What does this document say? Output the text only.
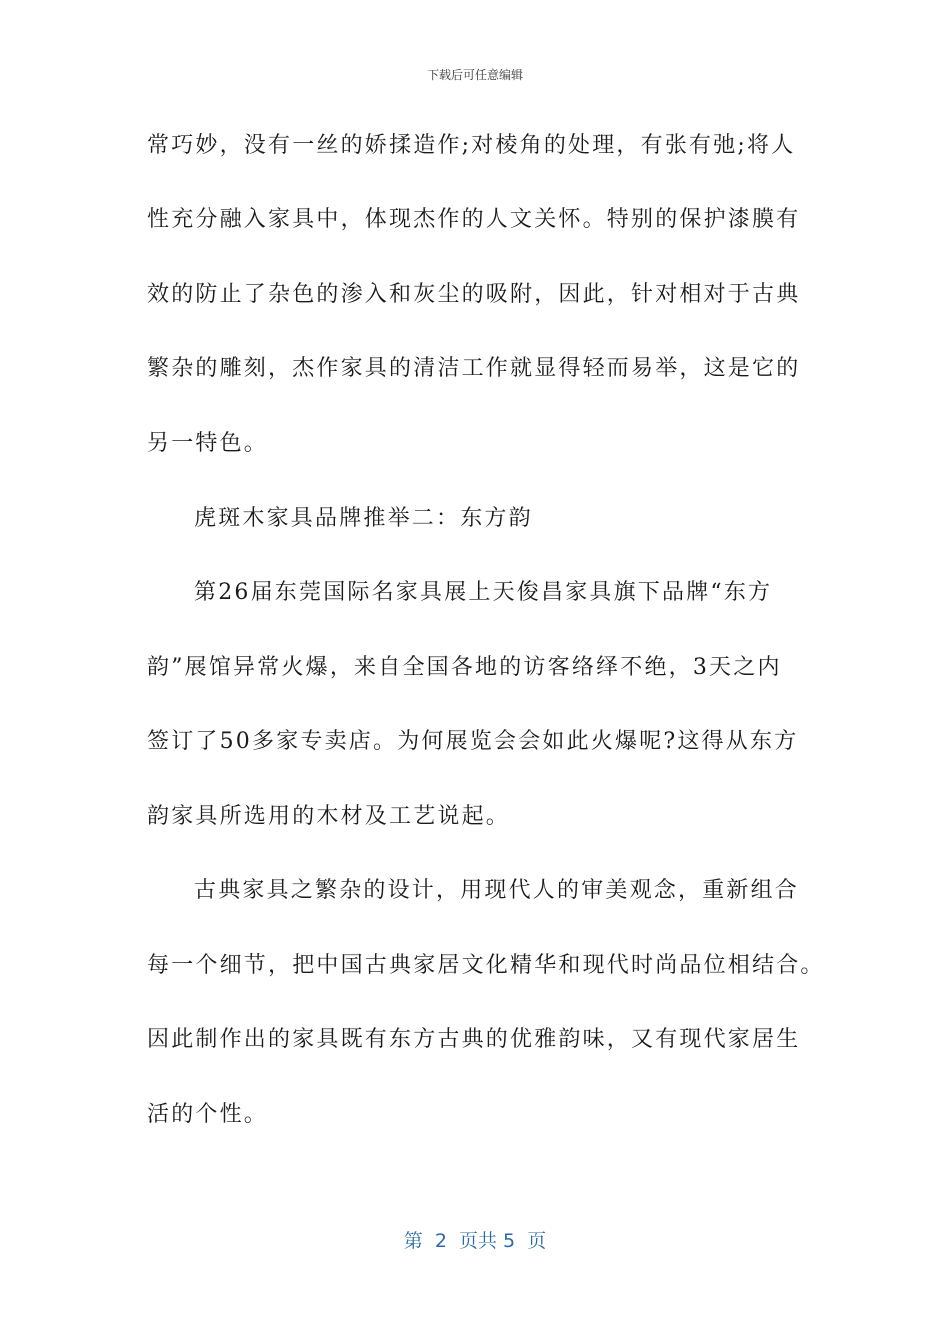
下载后可任意编辑
常巧妙，没有一丝的娇揉造作;对棱角的处理，有张有弛;将人
性充分融入家具中，体现杰作的人文关怀。特别的保护漆膜有
效的防止了杂色的渗入和灰尘的吸附，因此，针对相对于古典
繁杂的雕刻，杰作家具的清洁工作就显得轻而易举，这是它的
另一特色。
虎斑木家具品牌推举二：东方韵
第26届东莞国际名家具展上天俊昌家具旗下品牌“东方
韵”展馆异常火爆，来自全国各地的访客络绎不绝，3天之内
签订了50多家专卖店。为何展览会会如此火爆呢?这得从东方
韵家具所选用的木材及工艺说起。
古典家具之繁杂的设计，用现代人的审美观念，重新组合
每一个细节，把中国古典家居文化精华和现代时尚品位相结合。
因此制作出的家具既有东方古典的优雅韵味，又有现代家居生
活的个性。
第  2  页共 5  页
